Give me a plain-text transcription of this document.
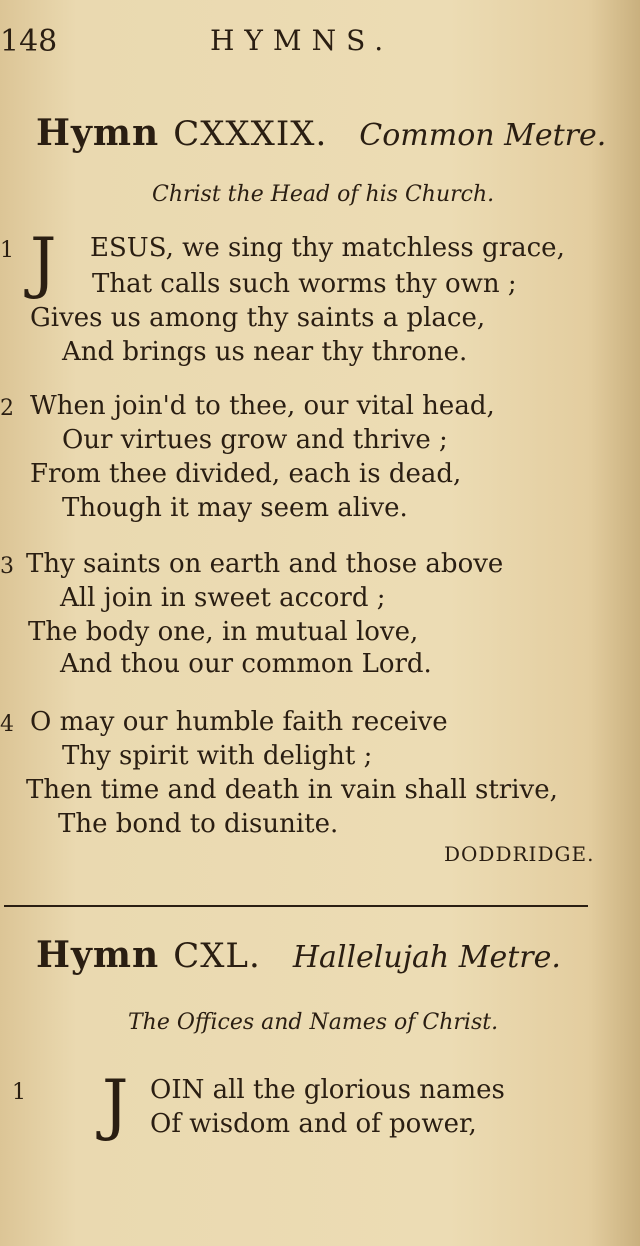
148	HYMNS.
Hymn CXXXIX. Common Metre.
Christ the Head of his Church.
1 J ESUS, we sing thy matchless grace,
That calls such worms thy own ;
Gives us among thy saints a place,
And brings us near thy throne.
2 When join'd to thee, our vital head,
Our virtues grow and thrive ;
From thee divided, each is dead,
Though it may seem alive.
3 Thy saints on earth and those above
All join in sweet accord ;
The body one, in mutual love,
And thou our common Lord.
4 O may our humble faith receive
Thy spirit with delight ;
Then time and death in vain shall strive,
The bond to disunite.
DODDRIDGE.
Hymn CXL. Hallelujah Metre.
The Offices and Names of Christ.
1 J OIN all the glorious names
Of wisdom and of power,
